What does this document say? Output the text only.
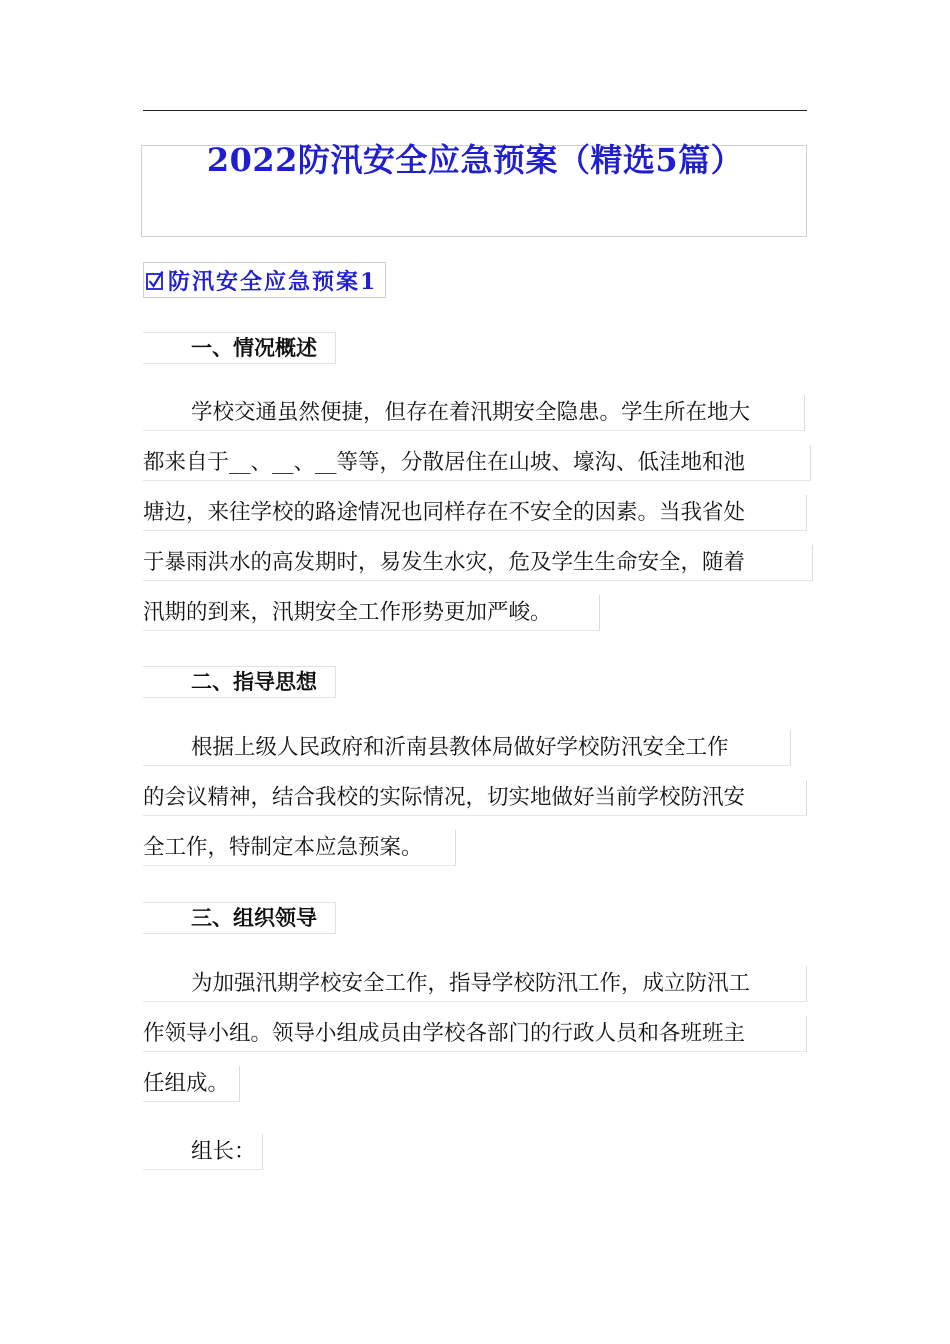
2022防汛安全应急预案（精选5篇）
防汛安全应急预案1
一、情况概述
学校交通虽然便捷，但存在着汛期安全隐患。学生所在地大
都来自于__、__、__等等，分散居住在山坡、壕沟、低洼地和池
塘边，来往学校的路途情况也同样存在不安全的因素。当我省处
于暴雨洪水的高发期时，易发生水灾，危及学生生命安全，随着
汛期的到来，汛期安全工作形势更加严峻。
二、指导思想
根据上级人民政府和沂南县教体局做好学校防汛安全工作
的会议精神，结合我校的实际情况，切实地做好当前学校防汛安
全工作，特制定本应急预案。
三、组织领导
为加强汛期学校安全工作，指导学校防汛工作，成立防汛工
作领导小组。领导小组成员由学校各部门的行政人员和各班班主
任组成。
组长：
